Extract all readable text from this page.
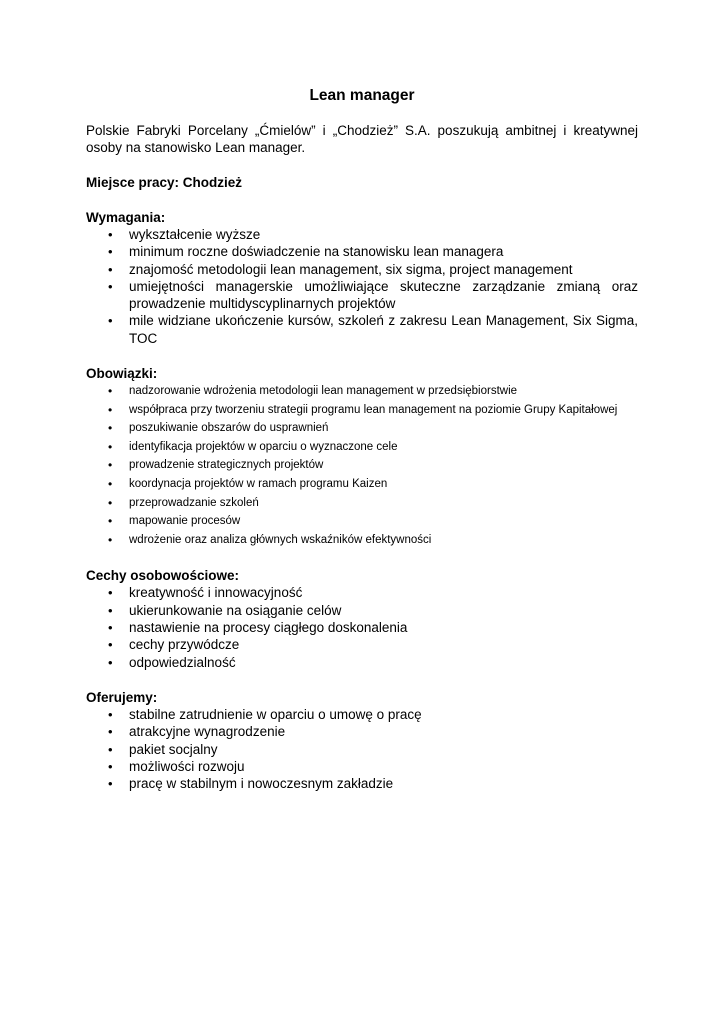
Lean manager

Polskie Fabryki Porcelany „Ćmielów” i „Chodzież” S.A. poszukują ambitnej i kreatywnej osoby na stanowisko Lean manager.

Miejsce pracy: Chodzież

Wymagania:

• wykształcenie wyższe
• minimum roczne doświadczenie na stanowisku lean managera
• znajomość metodologii lean management, six sigma, project management
• umiejętności managerskie umożliwiające skuteczne zarządzanie zmianą oraz prowadzenie multidyscyplinarnych projektów
• mile widziane ukończenie kursów, szkoleń z zakresu Lean Management, Six Sigma, TOC

Obowiązki:

• nadzorowanie wdrożenia metodologii lean management w przedsiębiorstwie
• współpraca przy tworzeniu strategii programu lean management na poziomie Grupy Kapitałowej
• poszukiwanie obszarów do usprawnień
• identyfikacja projektów w oparciu o wyznaczone cele
• prowadzenie strategicznych projektów
• koordynacja projektów w ramach programu Kaizen
• przeprowadzanie szkoleń
• mapowanie procesów
• wdrożenie oraz analiza głównych wskaźników efektywności

Cechy osobowościowe:

• kreatywność i innowacyjność
• ukierunkowanie na osiąganie celów
• nastawienie na procesy ciągłego doskonalenia
• cechy przywódcze
• odpowiedzialność

Oferujemy:

• stabilne zatrudnienie w oparciu o umowę o pracę
• atrakcyjne wynagrodzenie
• pakiet socjalny
• możliwości rozwoju
• pracę w stabilnym i nowoczesnym zakładzie
